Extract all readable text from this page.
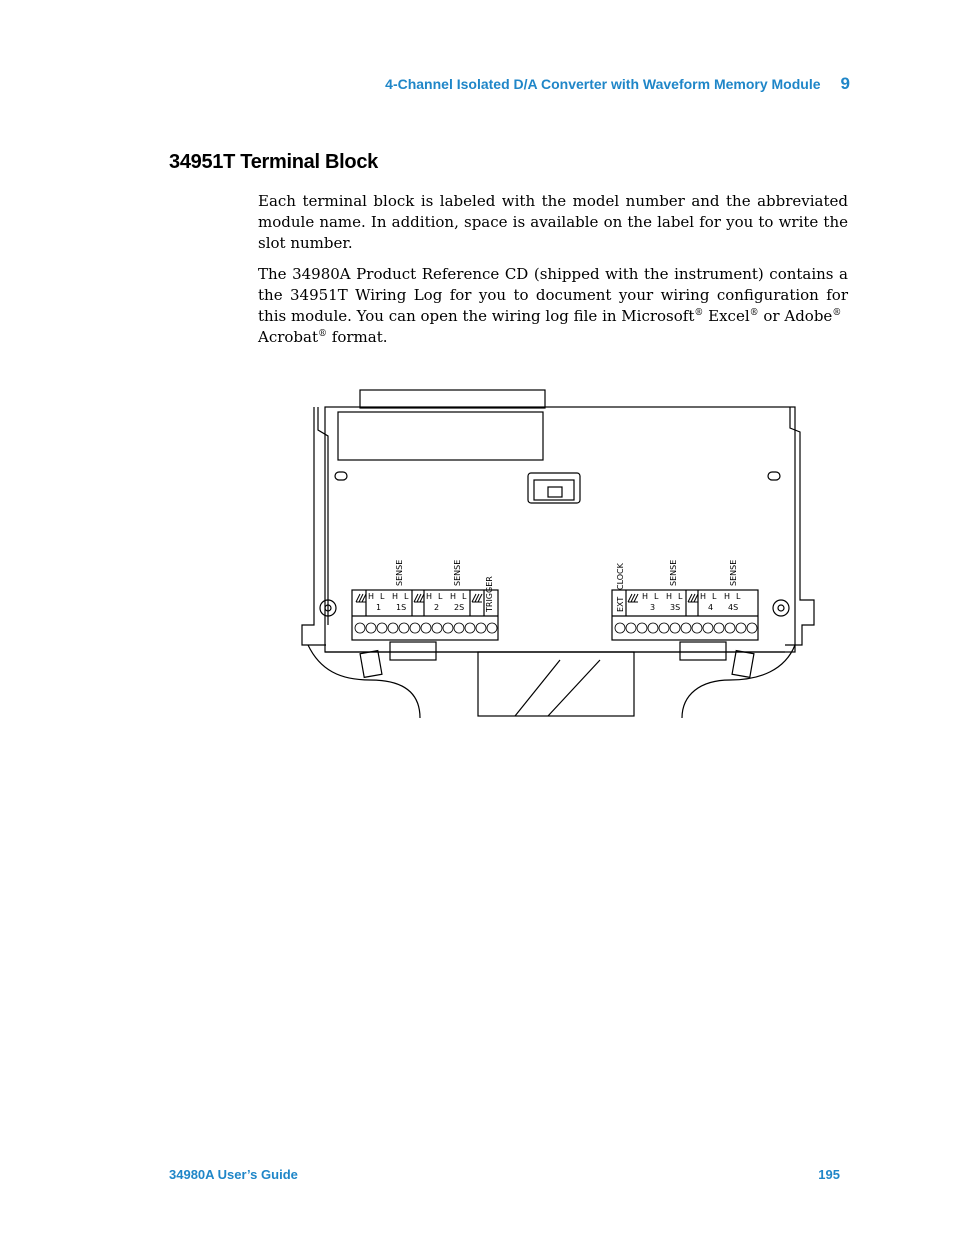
4-Channel Isolated D/A Converter with Waveform Memory Module 9
34951T Terminal Block

Each terminal block is labeled with the model number and the abbreviated module name. In addition, space is available on the label for you to write the slot number.

The 34980A Product Reference CD (shipped with the instrument) contains a the 34951T Wiring Log for you to document your wiring configuration for this module. You can open the wiring log file in Microsoft® Excel® or Adobe®
Acrobat® format.

SENSE	SENSE
TRIGGER
H L H L H L H L
1 1S	2 2S	EXT
CLOCK	SENSE	SENSE
H L H L H L H L
3 3S	4 4S
34980A User’s Guide	195
